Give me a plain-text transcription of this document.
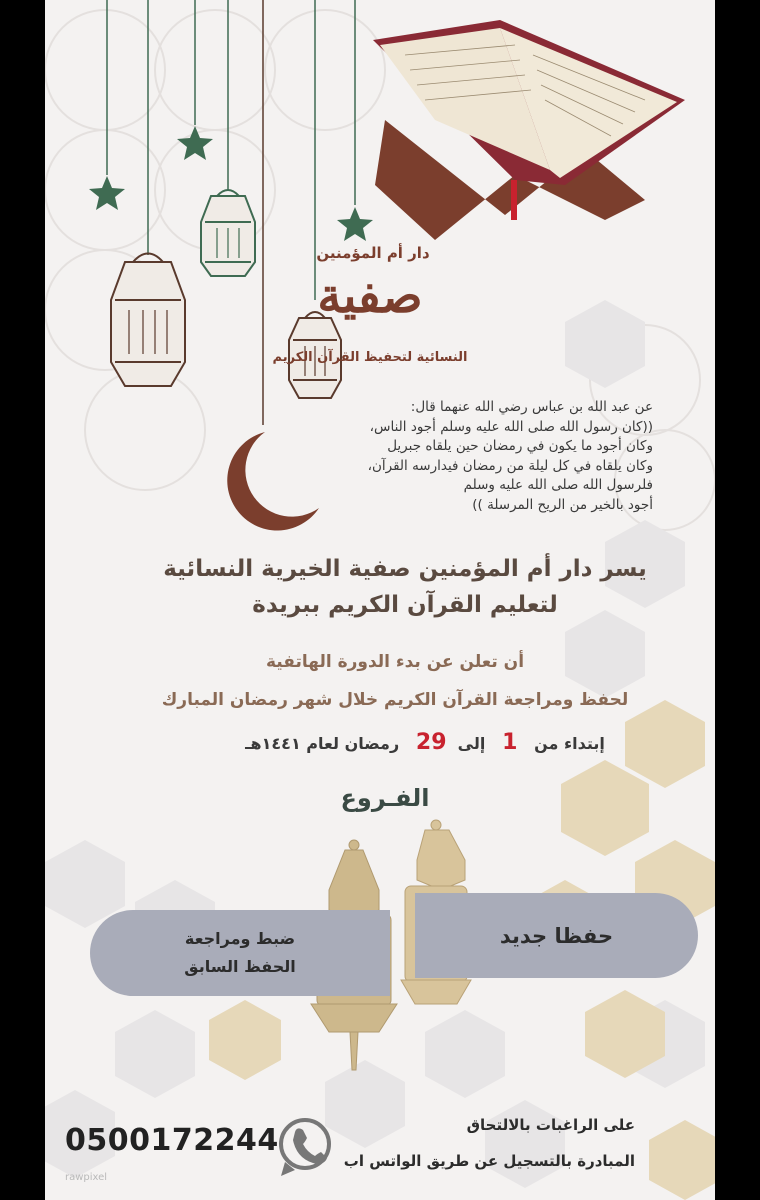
دار أم المؤمنين
صفية
النسائية لتحفيظ القرآن الكريم
عن عبد الله بن عباس رضي الله عنهما قال:
((كان رسول الله صلى الله عليه وسلم أجود الناس،
وكان أجود ما يكون في رمضان حين يلقاه جبريل
وكان يلقاه في كل ليلة من رمضان فيدارسه القرآن،
فلرسول الله صلى الله عليه وسلم
أجود بالخير من الريح المرسلة ))
يسر دار أم المؤمنين صفية الخيرية النسائية
لتعليم القرآن الكريم ببريدة
أن تعلن عن بدء الدورة الهاتفية
لحفظ ومراجعة القرآن الكريم خلال شهر رمضان المبارك
إبتداء من   1   إلى  29   رمضان لعام ١٤٤١هـ
الفـروع
ضبط ومراجعة
الحفظ السابق
حفظا جديد
على الراغبات بالالتحاق
المبادرة بالتسجيل عن طريق الواتس اب
0500172244
rawpixel
